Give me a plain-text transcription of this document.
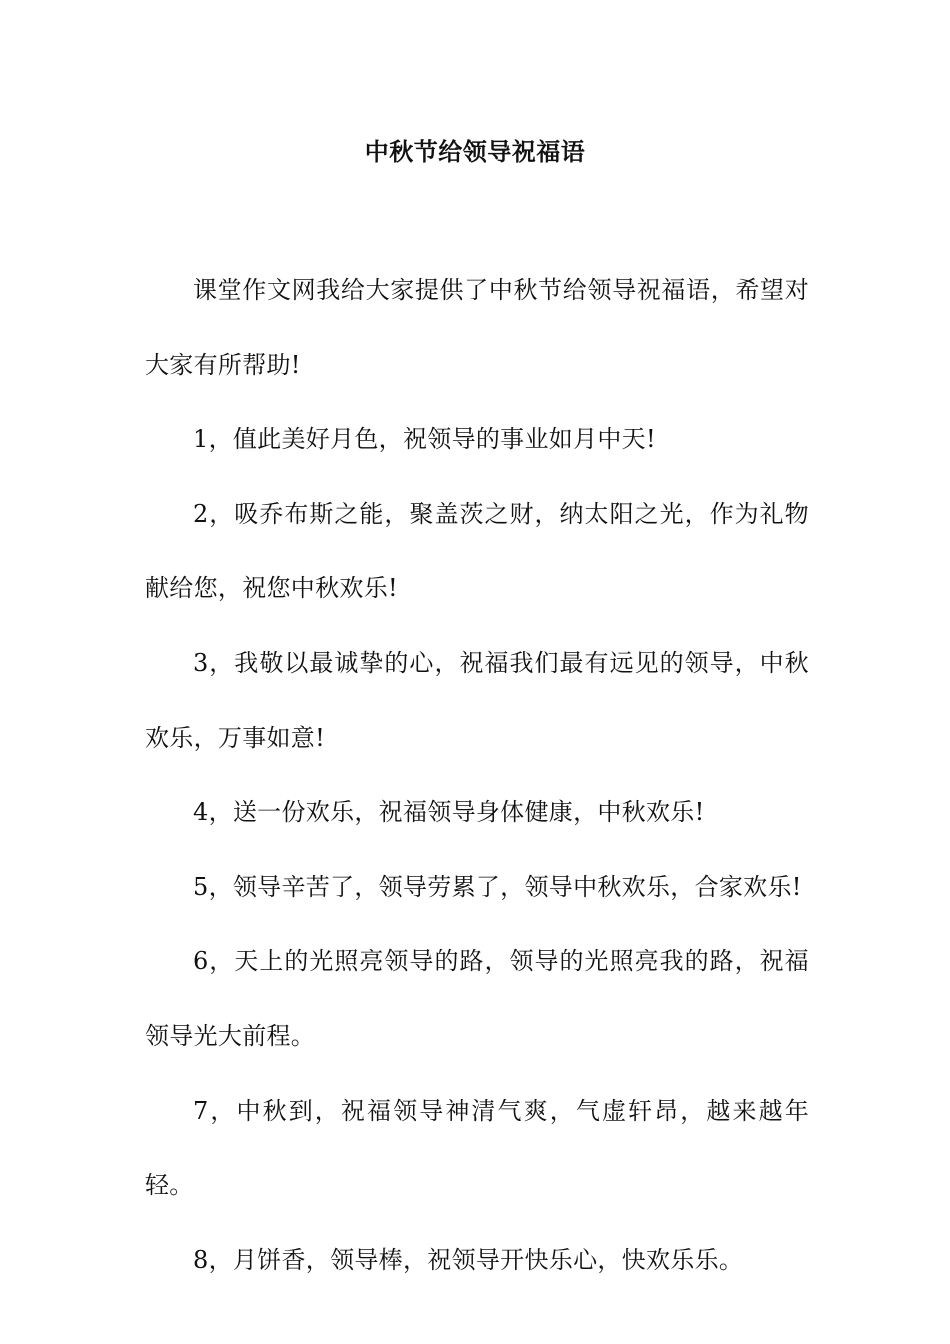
中秋节给领导祝福语

课堂作文网我给大家提供了中秋节给领导祝福语，希望对大家有所帮助!

1，值此美好月色，祝领导的事业如月中天!

2，吸乔布斯之能，聚盖茨之财，纳太阳之光，作为礼物献给您，祝您中秋欢乐!

3，我敬以最诚挚的心，祝福我们最有远见的领导，中秋欢乐，万事如意!

4，送一份欢乐，祝福领导身体健康，中秋欢乐!

5，领导辛苦了，领导劳累了，领导中秋欢乐，合家欢乐!

6，天上的光照亮领导的路，领导的光照亮我的路，祝福领导光大前程。

7，中秋到，祝福领导神清气爽，气虚轩昂，越来越年轻。

8，月饼香，领导棒，祝领导开快乐心，快欢乐乐。
